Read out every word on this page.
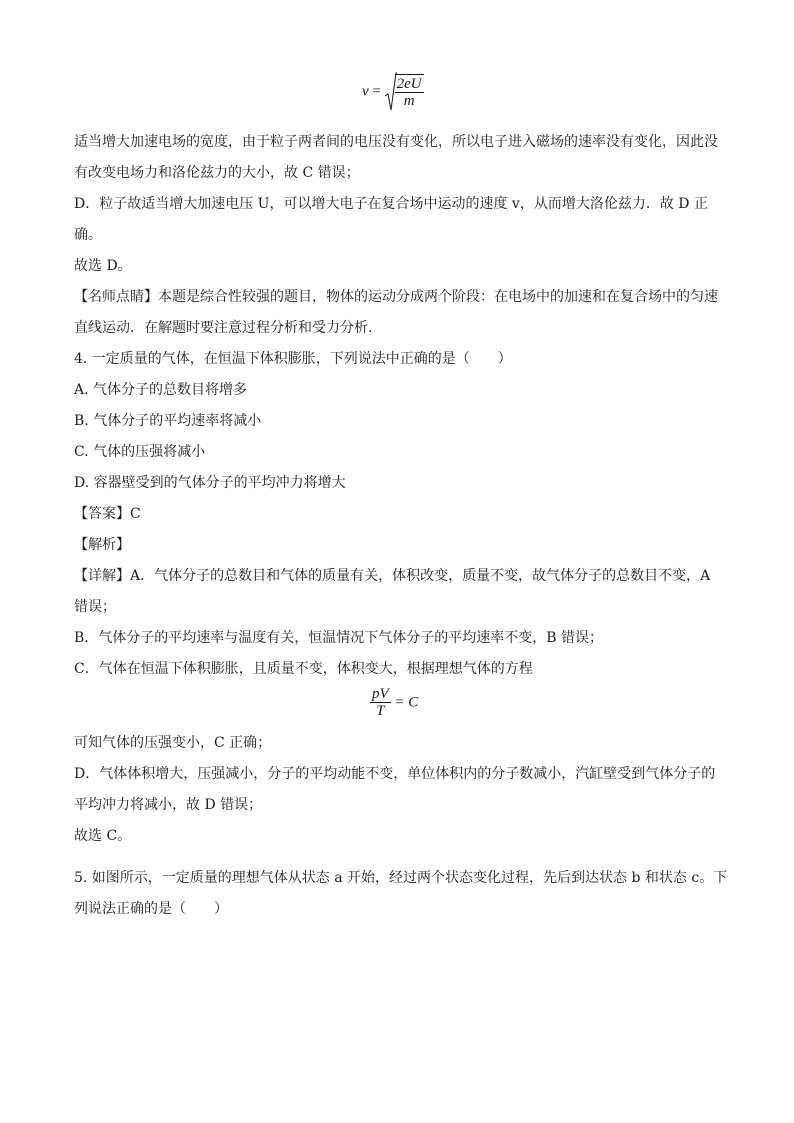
$v = \frac{2eU}{m}$
适当增大加速电场的宽度，由于粒子两者间的电压没有变化，所以电子进入磁场的速率没有变化，因此没
有改变电场力和洛伦兹力的大小，故 C 错误；
D．粒子故适当增大加速电压 U，可以增大电子在复合场中运动的速度 v，从而增大洛伦兹力．故 D 正
确。
故选 D。
【名师点睛】本题是综合性较强的题目，物体的运动分成两个阶段：在电场中的加速和在复合场中的匀速
直线运动．在解题时要注意过程分析和受力分析.
4. 一定质量的气体，在恒温下体积膨胀，下列说法中正确的是（　　）
A. 气体分子的总数目将增多
B. 气体分子的平均速率将减小
C. 气体的压强将减小
D. 容器壁受到的气体分子的平均冲力将增大
【答案】C
【解析】
【详解】A．气体分子的总数目和气体的质量有关，体积改变，质量不变，故气体分子的总数目不变，A
错误；
B．气体分子的平均速率与温度有关，恒温情况下气体分子的平均速率不变，B 错误；
C．气体在恒温下体积膨胀，且质量不变，体积变大，根据理想气体的方程
$\frac{pV}{T} = C$
可知气体的压强变小，C 正确；
D．气体体积增大，压强减小，分子的平均动能不变，单位体积内的分子数减小，汽缸壁受到气体分子的
平均冲力将减小，故 D 错误；
故选 C。
5. 如图所示，一定质量的理想气体从状态 a 开始，经过两个状态变化过程，先后到达状态 b 和状态 c。下
列说法正确的是（　　）
